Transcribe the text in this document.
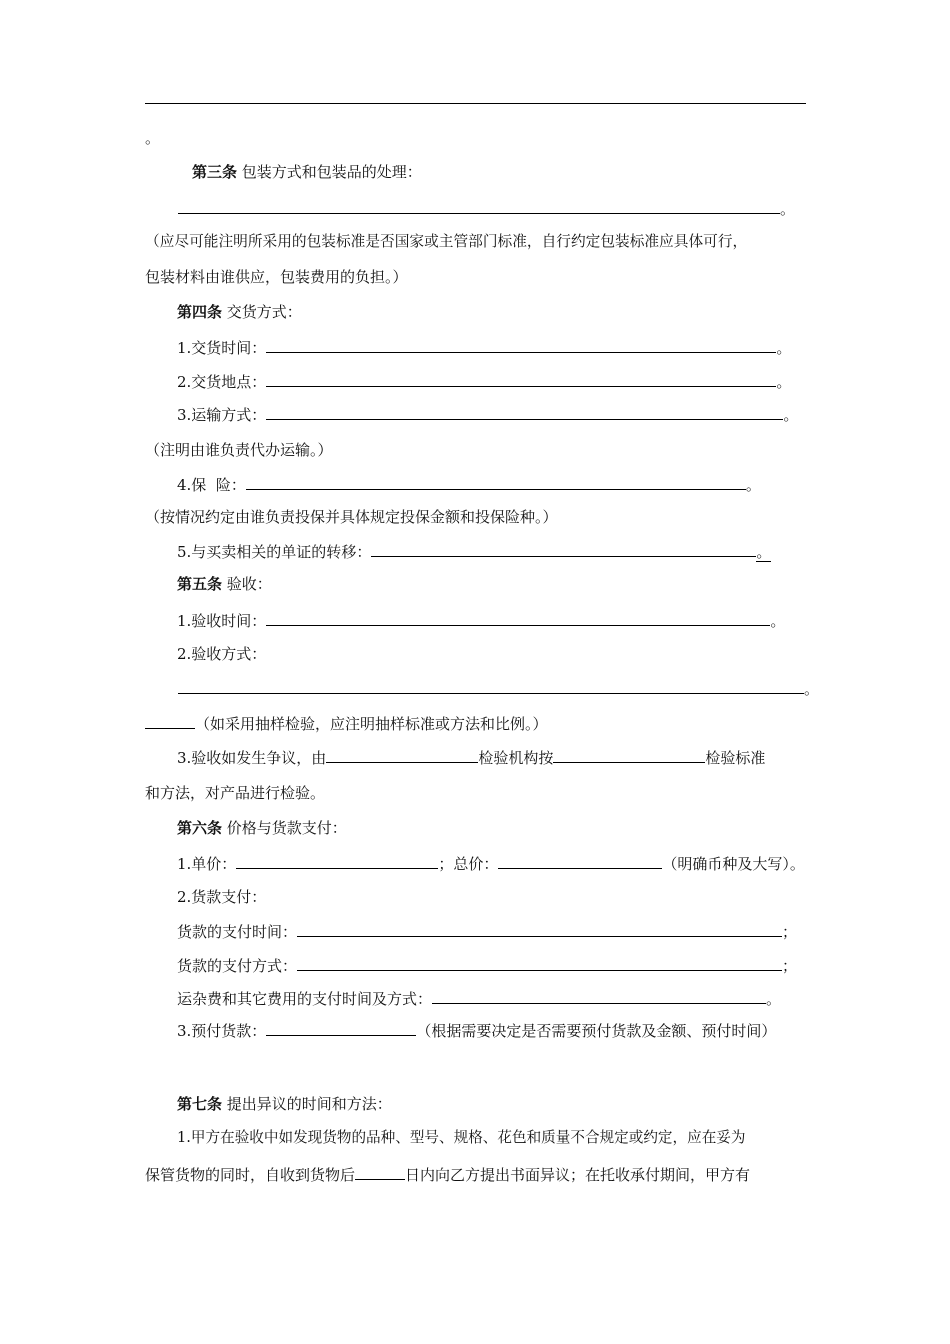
。
第三条 包装方式和包装品的处理：
。
（应尽可能注明所采用的包装标准是否国家或主管部门标准，自行约定包装标准应具体可行，
包装材料由谁供应，包装费用的负担。）
第四条 交货方式：
1.交货时间：	。
2.交货地点：	。
3.运输方式：	。
（注明由谁负责代办运输。）
4.保  险：	。
（按情况约定由谁负责投保并具体规定投保金额和投保险种。）
5.与买卖相关的单证的转移：	。
第五条 验收：
1.验收时间：	。
2.验收方式：
。
（如采用抽样检验，应注明抽样标准或方法和比例。）
3.验收如发生争议，由	检验机构按	检验标准
和方法，对产品进行检验。
第六条 价格与货款支付：
1.单价：	；总价：	（明确币种及大写）。
2.货款支付：
货款的支付时间：	；
货款的支付方式：	；
运杂费和其它费用的支付时间及方式：	。
3.预付货款：	（根据需要决定是否需要预付货款及金额、预付时间）
第七条 提出异议的时间和方法：
1.甲方在验收中如发现货物的品种、型号、规格、花色和质量不合规定或约定，应在妥为
保管货物的同时，自收到货物后	日内向乙方提出书面异议；在托收承付期间，甲方有
